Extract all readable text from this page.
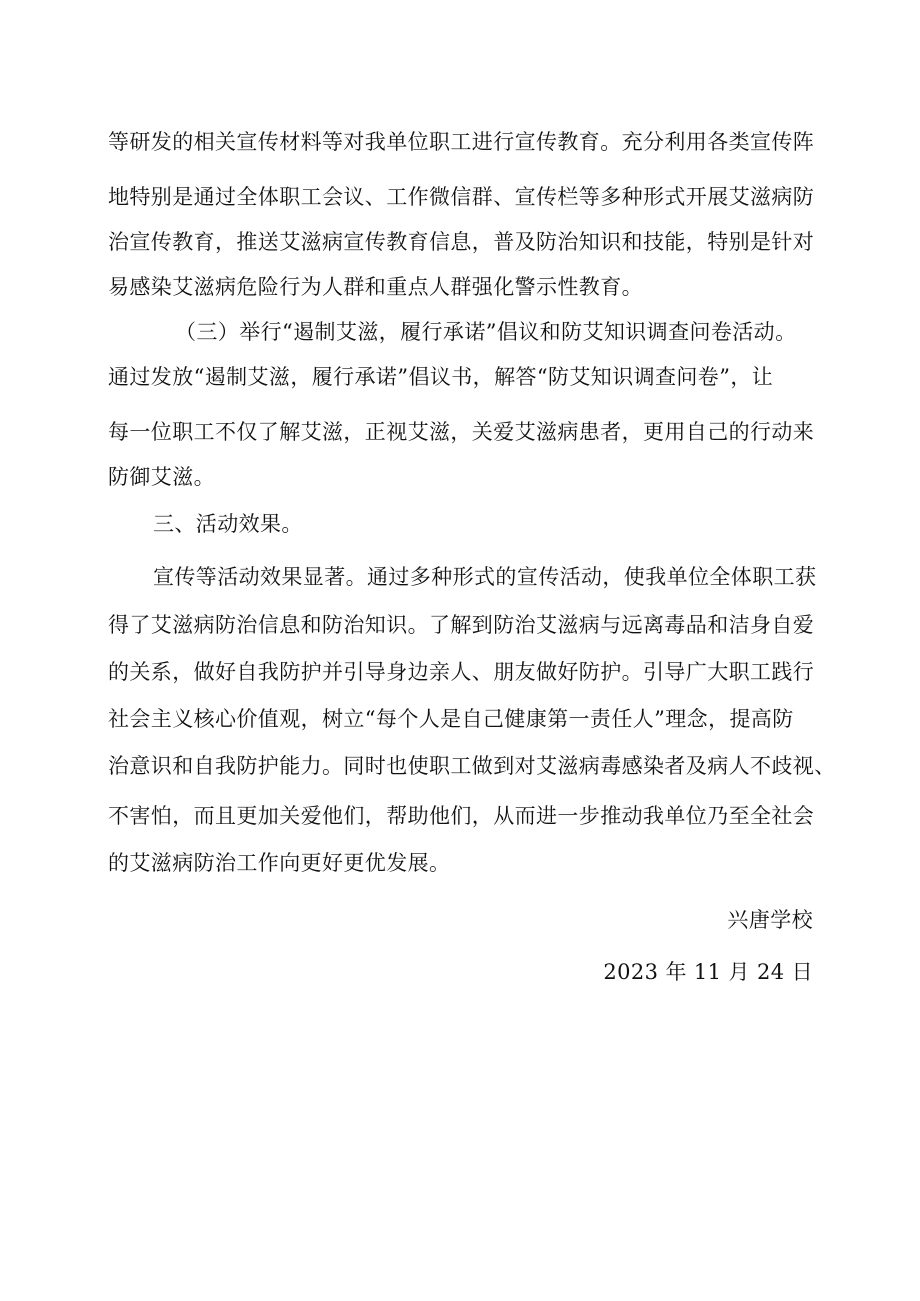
等研发的相关宣传材料等对我单位职工进行宣传教育。充分利用各类宣传阵
地特别是通过全体职工会议、工作微信群、宣传栏等多种形式开展艾滋病防
治宣传教育，推送艾滋病宣传教育信息，普及防治知识和技能，特别是针对
易感染艾滋病危险行为人群和重点人群强化警示性教育。
（三）举行“遏制艾滋，履行承诺”倡议和防艾知识调查问卷活动。
通过发放“遏制艾滋，履行承诺”倡议书，解答“防艾知识调查问卷”，让
每一位职工不仅了解艾滋，正视艾滋，关爱艾滋病患者，更用自己的行动来
防御艾滋。
三、活动效果。
宣传等活动效果显著。通过多种形式的宣传活动，使我单位全体职工获
得了艾滋病防治信息和防治知识。了解到防治艾滋病与远离毒品和洁身自爱
的关系，做好自我防护并引导身边亲人、朋友做好防护。引导广大职工践行
社会主义核心价值观，树立“每个人是自己健康第一责任人”理念，提高防
治意识和自我防护能力。同时也使职工做到对艾滋病毒感染者及病人不歧视、
不害怕，而且更加关爱他们，帮助他们，从而进一步推动我单位乃至全社会
的艾滋病防治工作向更好更优发展。
兴唐学校
2023 年 11 月 24 日
